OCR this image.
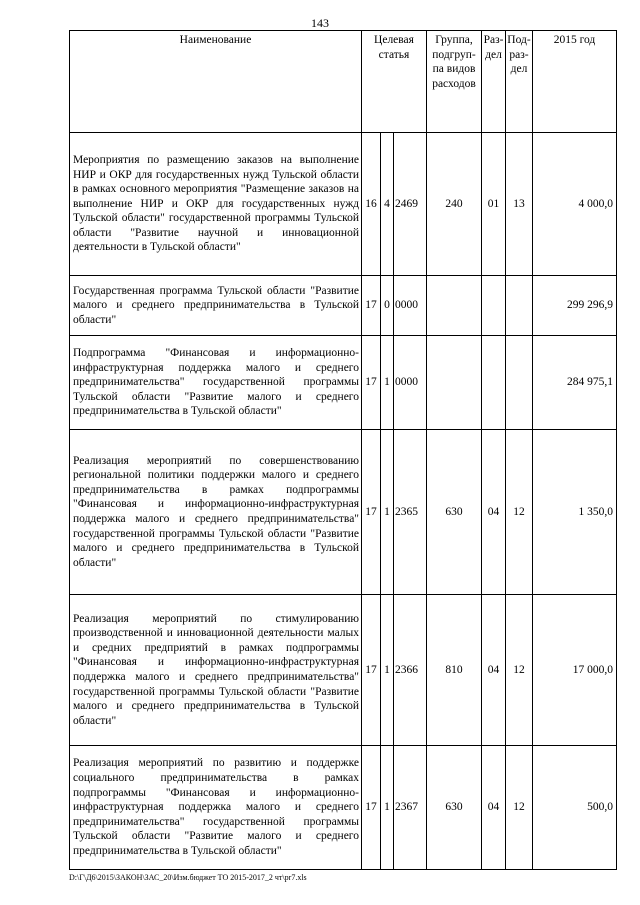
143
Наименование	Целевая статья			Группа, подгруп-па видов расходов	Раз-дел	Под-раз-дел	2015 год
Мероприятия по размещению заказов на выполнение НИР и ОКР для государственных нужд Тульской области в рамках основного мероприятия "Размещение заказов на выполнение НИР и ОКР для государственных нужд Тульской области" государственной программы Тульской области "Развитие научной и инновационной деятельности в Тульской области"	16	4	2469	240	01	13	4 000,0
Государственная программа Тульской области "Развитие малого и среднего предпринимательства в Тульской области"	17	0	0000				299 296,9
Подпрограмма "Финансовая и информационно-инфраструктурная поддержка малого и среднего предпринимательства" государственной программы Тульской области "Развитие малого и среднего предпринимательства в Тульской области"	17	1	0000				284 975,1
Реализация мероприятий по совершенствованию региональной политики поддержки малого и среднего предпринимательства в рамках подпрограммы "Финансовая и информационно-инфраструктурная поддержка малого и среднего предпринимательства" государственной программы Тульской области "Развитие малого и среднего предпринимательства в Тульской области"	17	1	2365	630	04	12	1 350,0
Реализация мероприятий по стимулированию производственной и инновационной деятельности малых и средних предприятий в рамках подпрограммы "Финансовая и информационно-инфраструктурная поддержка малого и среднего предпринимательства" государственной программы Тульской области "Развитие малого и среднего предпринимательства в Тульской области"	17	1	2366	810	04	12	17 000,0
Реализация мероприятий по развитию и поддержке социального предпринимательства в рамках подпрограммы "Финансовая и информационно-инфраструктурная поддержка малого и среднего предпринимательства" государственной программы Тульской области "Развитие малого и среднего предпринимательства в Тульской области"	17	1	2367	630	04	12	500,0
D:\Г\Д6\2015\ЗАКОН\ЗАС_20\Изм.бюджет ТО 2015-2017_2 чт\pr7.xls
